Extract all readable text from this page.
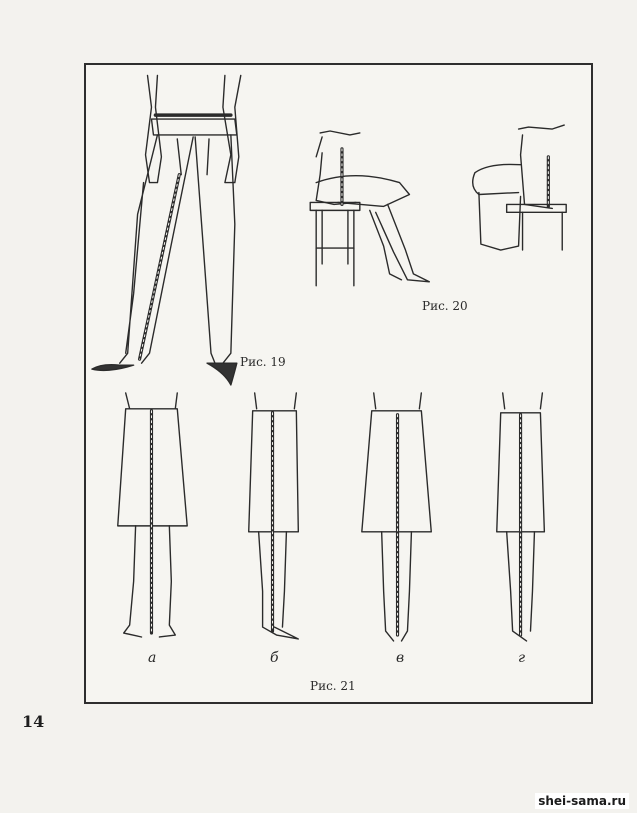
Рис. 19
Рис. 20
Рис. 21
а	б	в	г
14
shei-sama.ru
